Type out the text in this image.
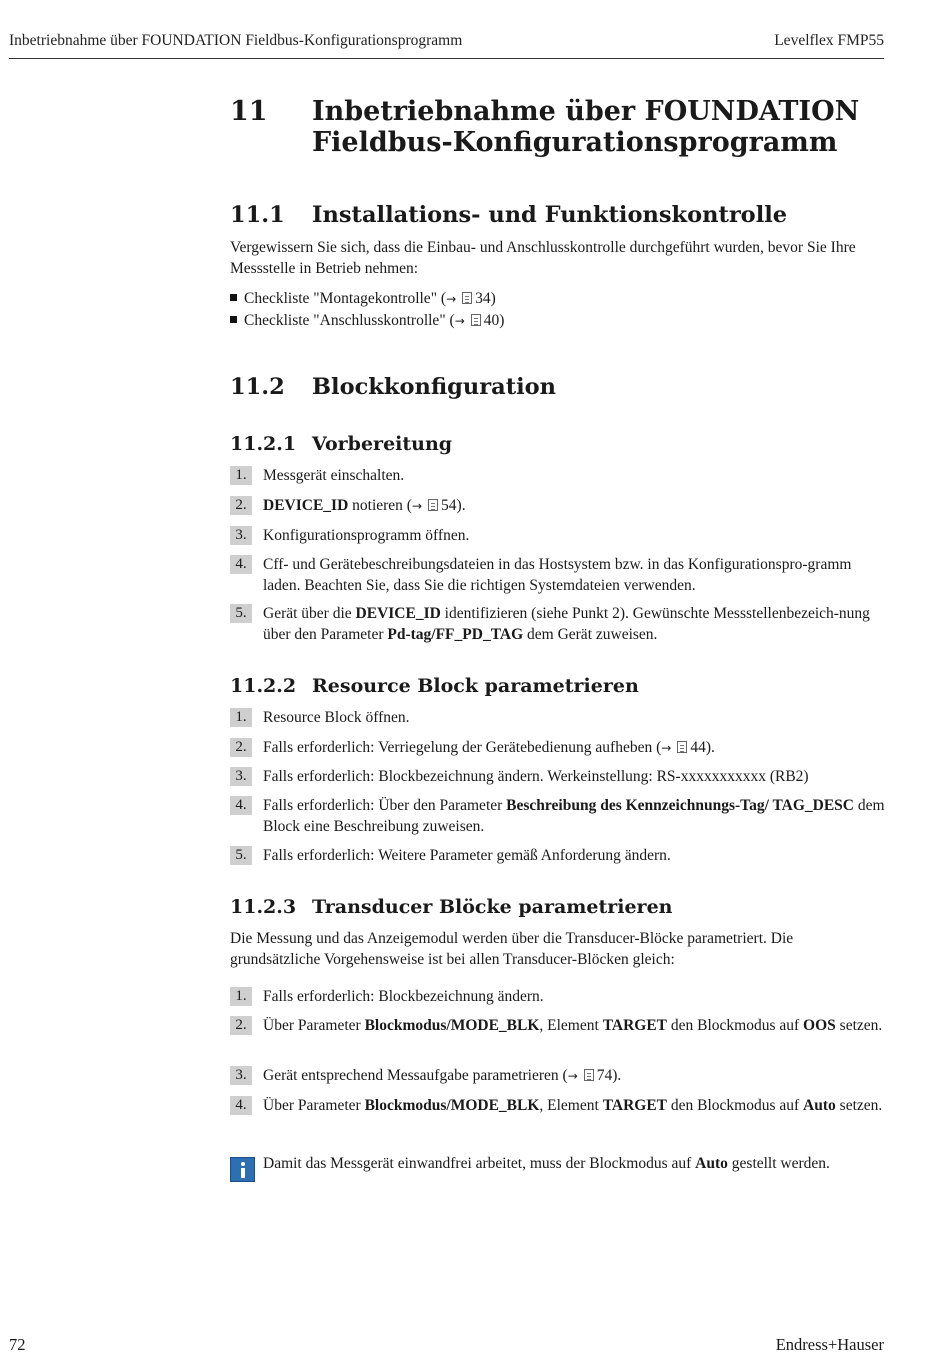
Inbetriebnahme über FOUNDATION Fieldbus-Konfigurationsprogramm	Levelflex FMP55
11 Inbetriebnahme über FOUNDATION Fieldbus-Konfigurationsprogramm
11.1 Installations- und Funktionskontrolle
Vergewissern Sie sich, dass die Einbau- und Anschlusskontrolle durchgeführt wurden, bevor Sie Ihre Messstelle in Betrieb nehmen:
Checkliste "Montagekontrolle" (→ 34)
Checkliste "Anschlusskontrolle" (→ 40)
11.2 Blockkonfiguration
11.2.1 Vorbereitung
1.	Messgerät einschalten.
2.	DEVICE_ID notieren (→ 54).
3.	Konfigurationsprogramm öffnen.
4.	Cff- und Gerätebeschreibungsdateien in das Hostsystem bzw. in das Konfigurationspro-gramm laden. Beachten Sie, dass Sie die richtigen Systemdateien verwenden.
5.	Gerät über die DEVICE_ID identifizieren (siehe Punkt 2). Gewünschte Messstellenbezeich-nung über den Parameter Pd-tag/FF_PD_TAG dem Gerät zuweisen.
11.2.2 Resource Block parametrieren
1.	Resource Block öffnen.
2.	Falls erforderlich: Verriegelung der Gerätebedienung aufheben (→ 44).
3.	Falls erforderlich: Blockbezeichnung ändern. Werkeinstellung: RS-xxxxxxxxxxx (RB2)
4.	Falls erforderlich: Über den Parameter Beschreibung des Kennzeichnungs-Tag/ TAG_DESC dem Block eine Beschreibung zuweisen.
5.	Falls erforderlich: Weitere Parameter gemäß Anforderung ändern.
11.2.3 Transducer Blöcke parametrieren
Die Messung und das Anzeigemodul werden über die Transducer-Blöcke parametriert. Die grundsätzliche Vorgehensweise ist bei allen Transducer-Blöcken gleich:
1.	Falls erforderlich: Blockbezeichnung ändern.
2.	Über Parameter Blockmodus/MODE_BLK, Element TARGET den Blockmodus auf OOS setzen.
3.	Gerät entsprechend Messaufgabe parametrieren (→ 74).
4.	Über Parameter Blockmodus/MODE_BLK, Element TARGET den Blockmodus auf Auto setzen.
Damit das Messgerät einwandfrei arbeitet, muss der Blockmodus auf Auto gestellt werden.
72	Endress+Hauser
